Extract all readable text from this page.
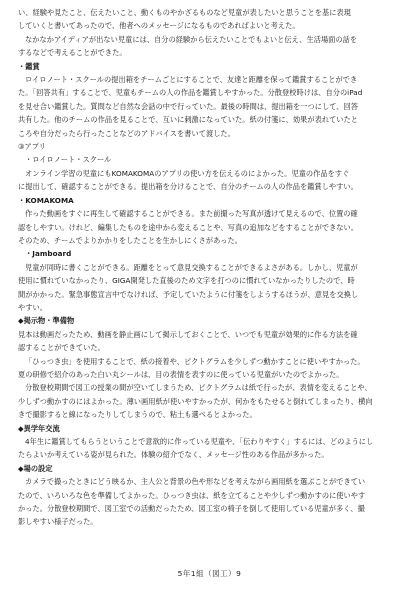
い、経験や見たこと、伝えたいこと、動くものやかざるものなど児童が表したいと思うことを基に表現

していくと書いてあったので、他者へのメッセージになるものであればよいと考えた。

なかなかアイディアが出ない児童には、自分の経験から伝えたいことでもよいと伝え、生活場面の話を

するなどで考えることができた。

・鑑賞

ロイロノート・スクールの提出箱をチームごとにすることで、友達と距離を保って鑑賞することができ

た。「回答共有」することで、児童もチームの人の作品を鑑賞しやすかった。分散登校時けは、自分のiPad

を見せ合い鑑賞した。質問など自然な会話の中で行っていた。最後の時間は、提出箱を一つにして、回答

共有した。他のチームの作品を見ることで、互いに刺激になっていた。紙の付箋に、効果が表れていたと

ころや自分だったら行ったことなどのアドバイスを書いて渡した。

③アプリ

・ロイロノート・スクール

オンライン学習の児童にもKOMAKOMAのアプリの使い方を伝えるのによかった。児童の作品をすぐ

に提出して、確認することができる。提出箱を分けることで、自分のチームの人の作品を鑑賞しやすい。

・KOMAKOMA

作った動画をすぐに再生して確認することができる。また前撮った写真が透けて見えるので、位置の確

認をしやすい。けれど、編集したものを途中から変えることや、写真の追加などをすることができない。

そのため、チームでよりかかりをしたことを生かしにくさがあった。

・Jamboard

児童が同時に書くことができる。距離をとって意見交換することができるよさがある。しかし、児童が

使用に慣れていなかったり、GIGA開発した直後のため文字を打つのに慣れていなかったりしたので、時

間がかかった。緊急事態宣言中でなければ、予定していたように付箋をしようするほうが、意見を交換し

やすい。

◆掲示物・準備物

見本は動画だったため、動画を静止画にして掲示しておくことで、いつでも児童が効果的に作る方法を確

認することができていた。

「ひっつき虫」を使用することで、紙の接着や、ピクトグラムを少しずつ動かすことに使いやすかった。

夏の研修で紹介のあった白い丸シールは、目の表情を表すのに使っている児童がいたのでよかった。

分散登校期間で図工の授業の間が空いてしまうため、ピクトグラムは紙で行ったが、表情を変えることや、

少しずつ動かすのにはよかった。薄い画用紙が使いやすかったが、何かをもたせると倒れてしまったり、横向

きで撮影すると線になったりしてしまうので、粘土も選べるとよかった。

◆異学年交流

4年生に鑑賞してもらうということで意欲的に作っている児童や、「伝わりやすく」するには、どのようにし

たらよいか考えている姿が見られた。体験の紹介でなく、メッセージ性のある作品が多かった。

◆場の設定

カメラで撮ったときにどう映るか、主人公と背景の色や形などを考えながら画用紙を選ぶことができてい

たので、いろいろな色を準備してよかった。ひっつき虫は、紙を立てることや少しずつ動かすのに使いやす

かった。分散登校期間で、図工室での活動だったため、図工室の椅子を倒して使用している児童が多く、撮

影しやすい様子だった。

5年1組（図工）9
